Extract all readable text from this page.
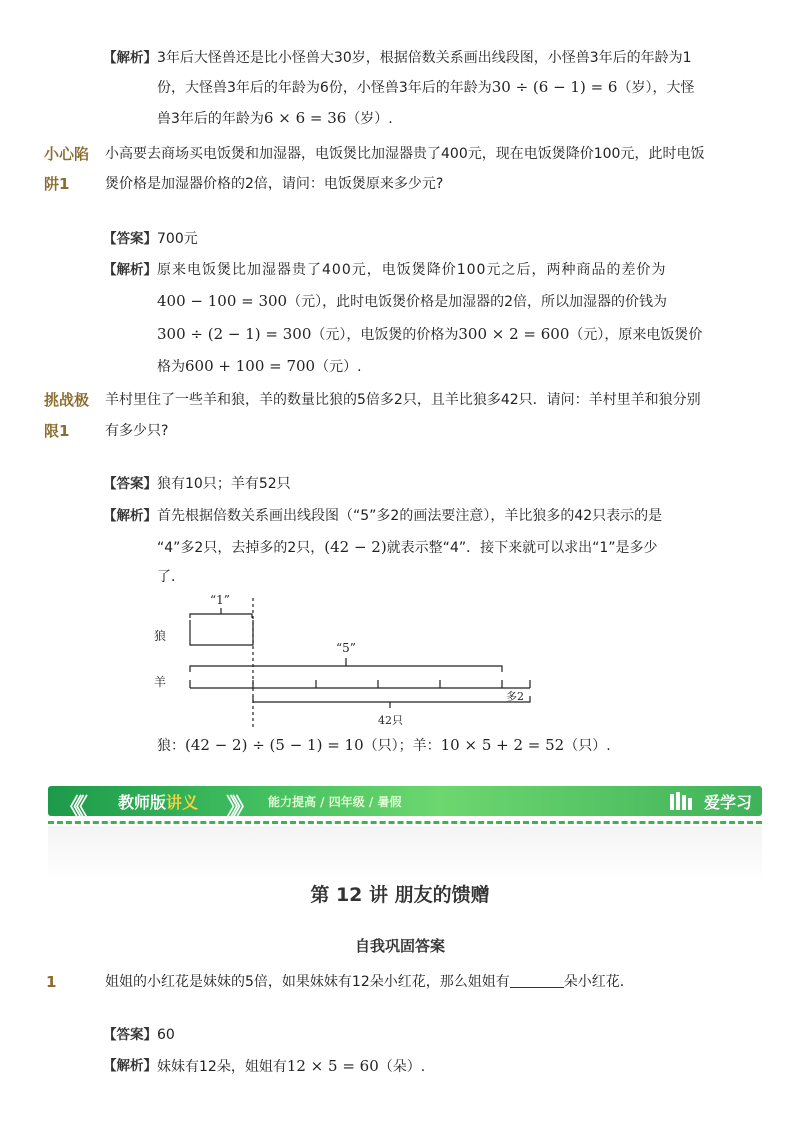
【解析】 3年后大怪兽还是比小怪兽大30岁，根据倍数关系画出线段图，小怪兽3年后的年龄为1
份，大怪兽3年后的年龄为6份，小怪兽3年后的年龄为30 ÷ (6 − 1) = 6（岁），大怪
兽3年后的年龄为6 × 6 = 36（岁）.
小心陷
阱1
小高要去商场买电饭煲和加湿器，电饭煲比加湿器贵了400元，现在电饭煲降价100元，此时电饭
煲价格是加湿器价格的2倍，请问：电饭煲原来多少元?
【答案】 700元
【解析】 原来电饭煲比加湿器贵了400元，电饭煲降价100元之后，两种商品的差价为
400 − 100 = 300（元），此时电饭煲价格是加湿器的2倍，所以加湿器的价钱为
300 ÷ (2 − 1) = 300（元），电饭煲的价格为300 × 2 = 600（元），原来电饭煲价
格为600 + 100 = 700（元）.
挑战极
限1
羊村里住了一些羊和狼，羊的数量比狼的5倍多2只，且羊比狼多42只．请问：羊村里羊和狼分别
有多少只?
【答案】 狼有10只；羊有52只
【解析】 首先根据倍数关系画出线段图（“5”多2的画法要注意），羊比狼多的42只表示的是
“4”多2只，去掉多的2只，(42 − 2)就表示整“4”．接下来就可以求出“1”是多少
了．
“1”
“5”
狼
羊
多2
42只
狼：(42 − 2) ÷ (5 − 1) = 10（只）；羊：10 × 5 + 2 = 52（只）.
《《 教师版讲义 》》 能力提高 / 四年级 / 暑假	爱学习
第 12 讲 朋友的馈赠
自我巩固答案
1	姐姐的小红花是妹妹的5倍，如果妹妹有12朵小红花，那么姐姐有	朵小红花．
【答案】 60
【解析】 妹妹有12朵，姐姐有12 × 5 = 60（朵）.
